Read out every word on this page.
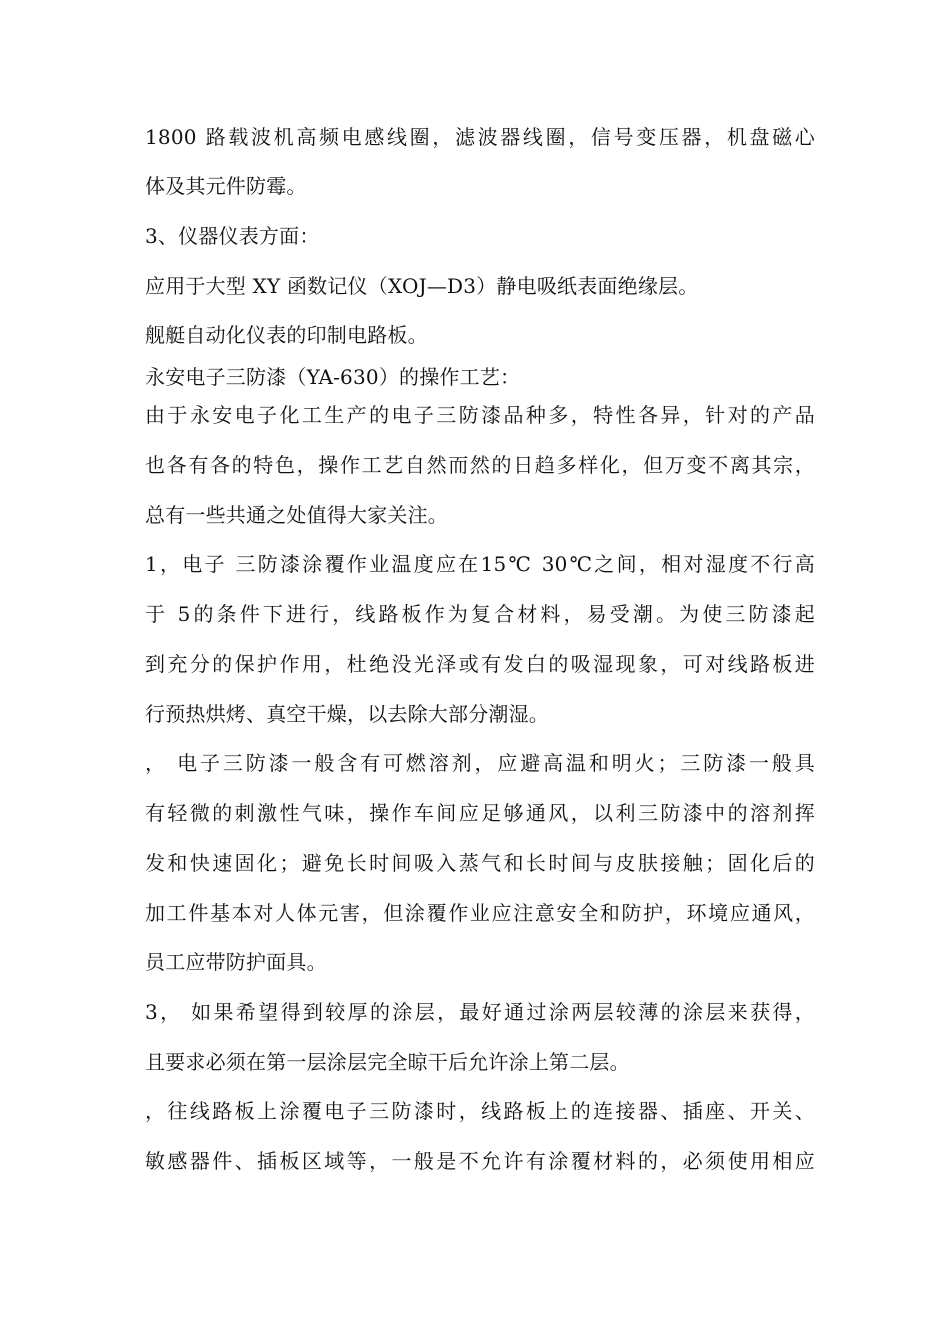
1800 路载波机高频电感线圈，滤波器线圈，信号变压器，机盘磁心
体及其元件防霉。
3、仪器仪表方面：
应用于大型 XY 函数记仪（XOJ—D3）静电吸纸表面绝缘层。
舰艇自动化仪表的印制电路板。
永安电子三防漆（YA-630）的操作工艺：
由于永安电子化工生产的电子三防漆品种多，特性各异，针对的产品
也各有各的特色，操作工艺自然而然的日趋多样化，但万变不离其宗，
总有一些共通之处值得大家关注。
1，电子 三防漆涂覆作业温度应在15℃ 30℃之间，相对湿度不行高
于 5的条件下进行，线路板作为复合材料，易受潮。为使三防漆起
到充分的保护作用，杜绝没光泽或有发白的吸湿现象，可对线路板进
行预热烘烤、真空干燥，以去除大部分潮湿。
， 电子三防漆一般含有可燃溶剂，应避高温和明火；三防漆一般具
有轻微的刺激性气味，操作车间应足够通风，以利三防漆中的溶剂挥
发和快速固化；避免长时间吸入蒸气和长时间与皮肤接触；固化后的
加工件基本对人体元害，但涂覆作业应注意安全和防护，环境应通风，
员工应带防护面具。
3， 如果希望得到较厚的涂层，最好通过涂两层较薄的涂层来获得，
且要求必须在第一层涂层完全晾干后允许涂上第二层。
，往线路板上涂覆电子三防漆时，线路板上的连接器、插座、开关、
敏感器件、插板区域等，一般是不允许有涂覆材料的，必须使用相应
